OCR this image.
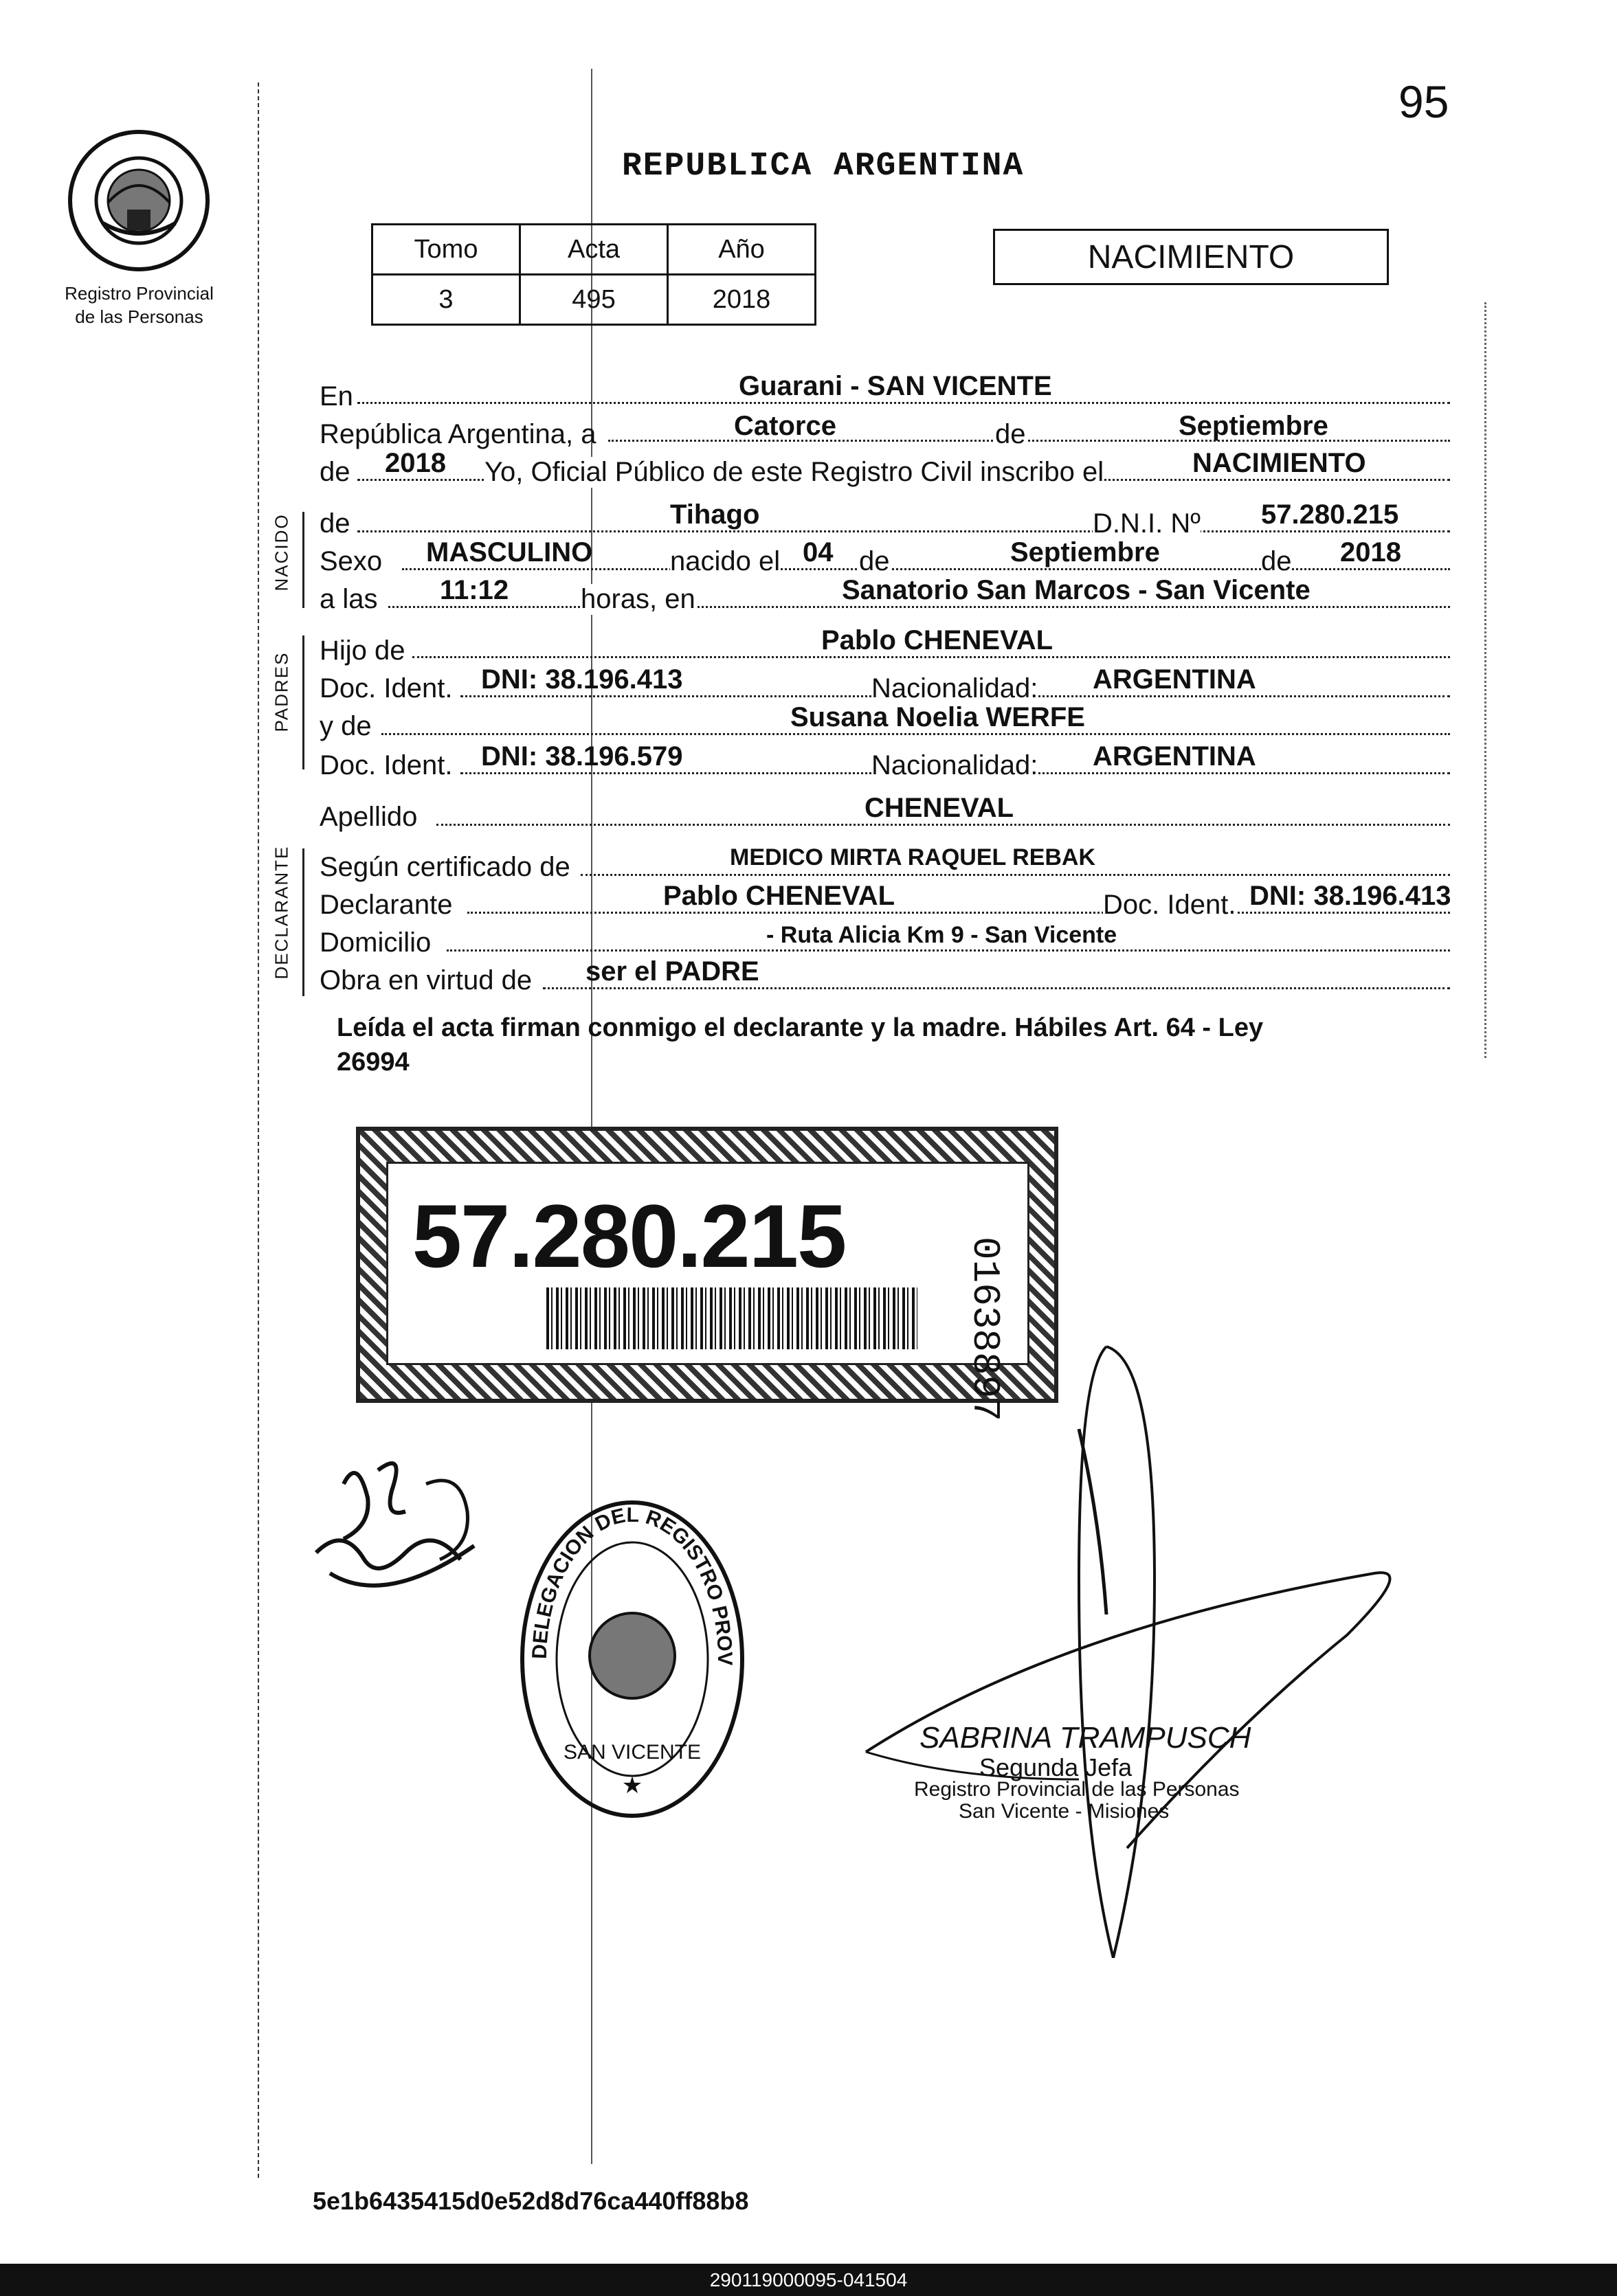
95
Registro Provincial
de las Personas
REPUBLICA ARGENTINA
Tomo	Acta	Año
3	495	2018
NACIMIENTO
NACIDO
PADRES
DECLARANTE
En	Guarani - SAN VICENTE
República Argentina, a	Catorce	de	Septiembre
de 2018 Yo, Oficial Público de este Registro Civil inscribo el	NACIMIENTO
de	Tihago	D.N.I. Nº 57.280.215
Sexo MASCULINO	nacido el 04 de	Septiembre	de 2018
a las 11:12	horas, en	Sanatorio San Marcos - San Vicente
Hijo de	Pablo CHENEVAL
Doc. Ident. DNI: 38.196.413	Nacionalidad: ARGENTINA
y de	Susana Noelia WERFE
Doc. Ident. DNI: 38.196.579	Nacionalidad: ARGENTINA
Apellido	CHENEVAL
Según certificado de	MEDICO MIRTA RAQUEL REBAK
Declarante	Pablo CHENEVAL	Doc. Ident. DNI: 38.196.413
Domicilio	- Ruta Alicia Km 9 - San Vicente
Obra en virtud de ser el PADRE
Leída el acta firman conmigo el declarante y la madre. Hábiles Art. 64 - Ley
26994
57.280.215
01638897
DELEGACION DEL REGISTRO PROV
SAN VICENTE
★
SABRINA TRAMPUSCH
Segunda Jefa
Registro Provincial de las Personas
San Vicente - Misiones
5e1b6435415d0e52d8d76ca440ff88b8
290119000095-041504
